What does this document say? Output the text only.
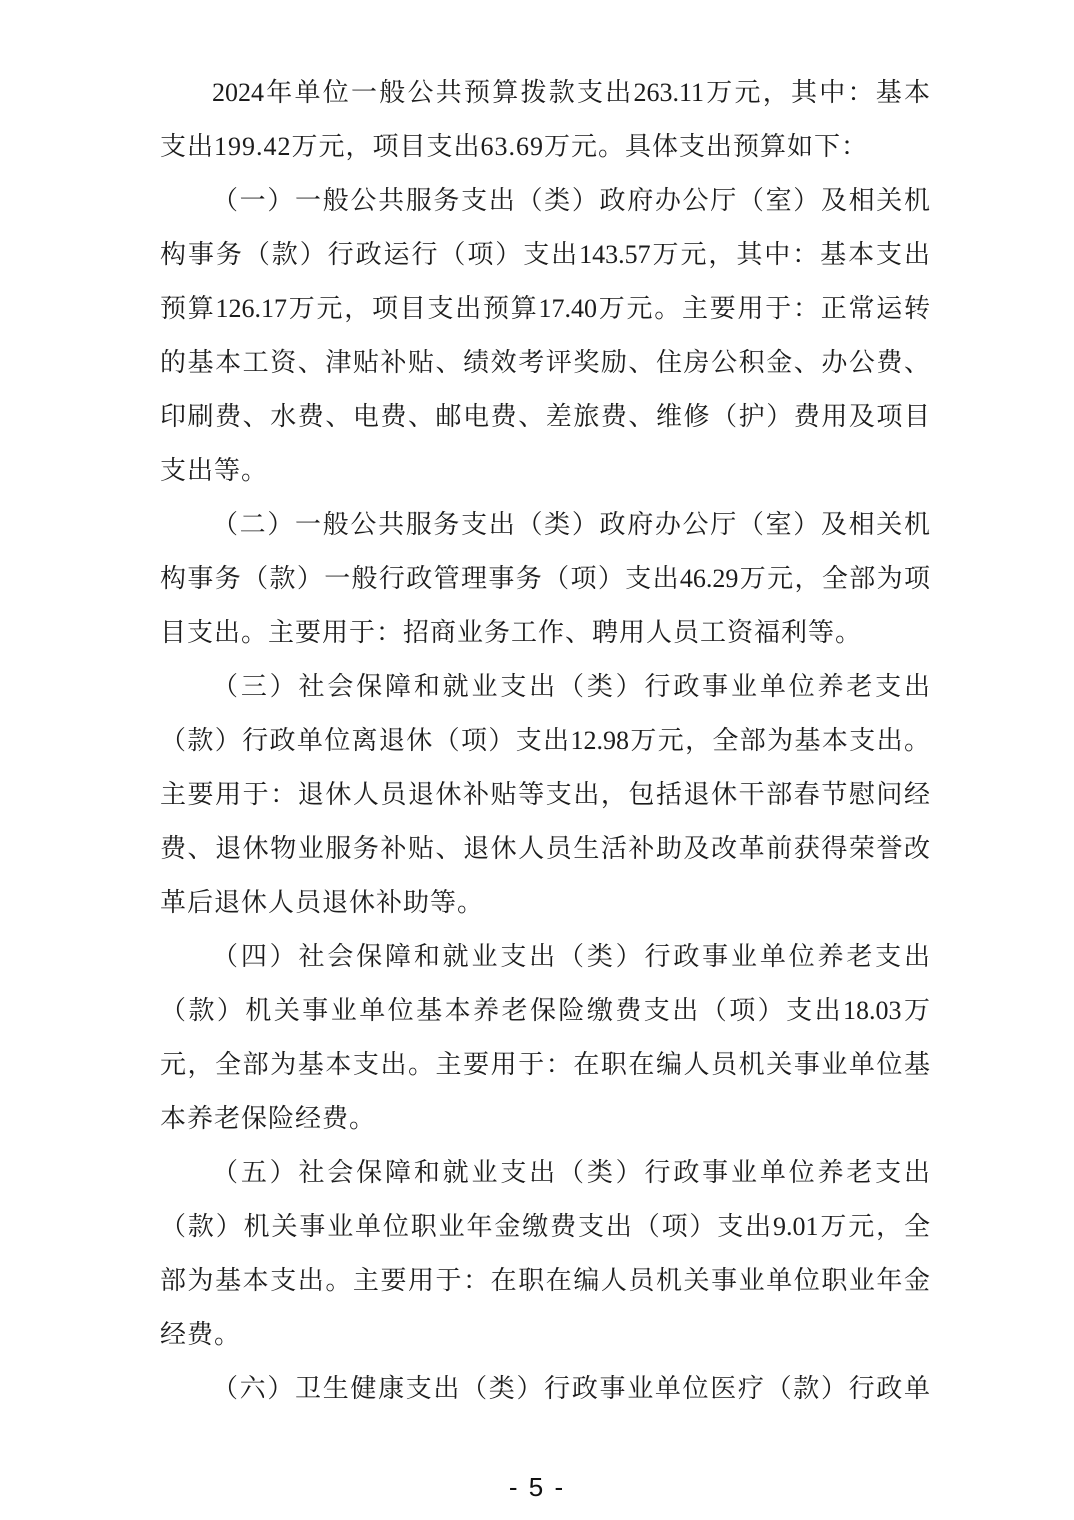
2024年单位一般公共预算拨款支出263.11万元，其中：基本
支出199.42万元，项目支出63.69万元。具体支出预算如下：
（一）一般公共服务支出（类）政府办公厅（室）及相关机
构事务（款）行政运行（项）支出143.57万元，其中：基本支出
预算126.17万元，项目支出预算17.40万元。主要用于：正常运转
的基本工资、津贴补贴、绩效考评奖励、住房公积金、办公费、
印刷费、水费、电费、邮电费、差旅费、维修（护）费用及项目
支出等。
（二）一般公共服务支出（类）政府办公厅（室）及相关机
构事务（款）一般行政管理事务（项）支出46.29万元，全部为项
目支出。主要用于：招商业务工作、聘用人员工资福利等。
（三）社会保障和就业支出（类）行政事业单位养老支出
（款）行政单位离退休（项）支出12.98万元，全部为基本支出。
主要用于：退休人员退休补贴等支出，包括退休干部春节慰问经
费、退休物业服务补贴、退休人员生活补助及改革前获得荣誉改
革后退休人员退休补助等。
（四）社会保障和就业支出（类）行政事业单位养老支出
（款）机关事业单位基本养老保险缴费支出（项）支出18.03万
元，全部为基本支出。主要用于：在职在编人员机关事业单位基
本养老保险经费。
（五）社会保障和就业支出（类）行政事业单位养老支出
（款）机关事业单位职业年金缴费支出（项）支出9.01万元，全
部为基本支出。主要用于：在职在编人员机关事业单位职业年金
经费。
（六）卫生健康支出（类）行政事业单位医疗（款）行政单
- 5 -
